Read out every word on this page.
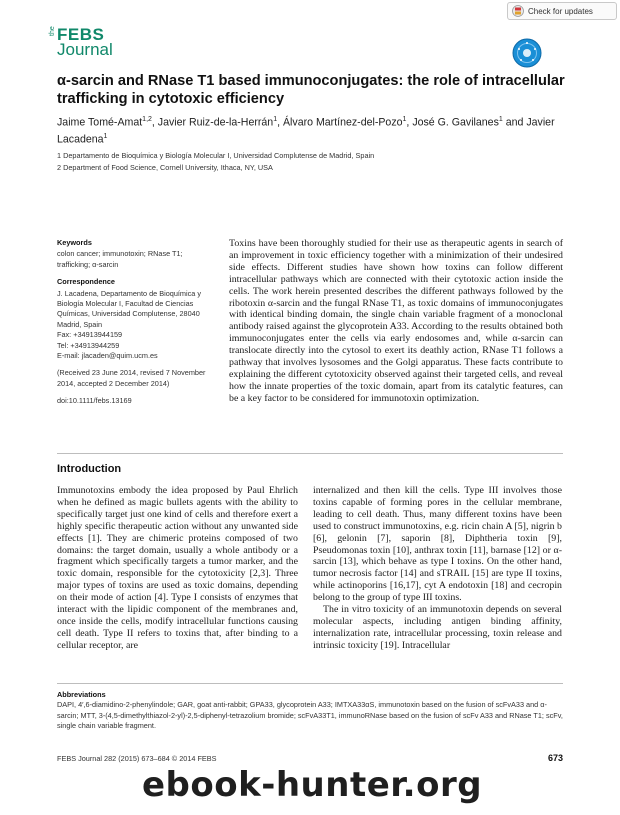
Check for updates
the FEBS
Journal
α-sarcin and RNase T1 based immunoconjugates: the role of intracellular trafficking in cytotoxic efficiency
Jaime Tomé-Amat$^{1,2}$, Javier Ruiz-de-la-Herrán$^1$, Álvaro Martínez-del-Pozo$^1$, José G. Gavilanes$^1$ and Javier Lacadena$^1$
1 Departamento de Bioquímica y Biología Molecular I, Universidad Complutense de Madrid, Spain
2 Department of Food Science, Cornell University, Ithaca, NY, USA
Keywords
colon cancer; immunotoxin; RNase T1; trafficking; α-sarcin
Correspondence
J. Lacadena, Departamento de Bioquímica y
Biología Molecular I, Facultad de Ciencias
Químicas, Universidad Complutense, 28040
Madrid, Spain
Fax: +34913944159
Tel: +34913944259
E-mail: jlacaden@quim.ucm.es
(Received 23 June 2014, revised 7 November 2014, accepted 2 December 2014)
doi:10.1111/febs.13169
Toxins have been thoroughly studied for their use as therapeutic agents in search of an improvement in toxic efficiency together with a minimization of their undesired side effects. Different studies have shown how toxins can follow different intracellular pathways which are connected with their cytotoxic action inside the cells. The work herein presented describes the different pathways followed by the ribotoxin α-sarcin and the fungal RNase T1, as toxic domains of immunoconjugates with identical binding domain, the single chain variable fragment of a monoclonal antibody raised against the glycoprotein A33. According to the results obtained both immunoconjugates enter the cells via early endosomes and, while α-sarcin can translocate directly into the cytosol to exert its deathly action, RNase T1 follows a pathway that involves lysosomes and the Golgi apparatus. These facts contribute to explaining the different cytotoxicity observed against their targeted cells, and reveal how the innate properties of the toxic domain, apart from its catalytic features, can be a key factor to be considered for immunotoxin optimization.
Introduction

Immunotoxins embody the idea proposed by Paul Ehrlich when he defined as magic bullets agents with the ability to specifically target just one kind of cells and therefore exert a highly specific therapeutic action without any unwanted side effects [1]. They are chimeric proteins composed of two domains: the target domain, usually a whole antibody or a fragment which specifically targets a tumor marker, and the toxic domain, responsible for the cytotoxicity [2,3]. Three major types of toxins are used as toxic domains, depending on their mode of action [4]. Type I consists of enzymes that interact with the lipidic component of the membranes and, once inside the cells, modify intracellular functions causing cell death. Type II refers to toxins that, after binding to a cellular receptor, are

internalized and then kill the cells. Type III involves those toxins capable of forming pores in the cellular membrane, leading to cell death. Thus, many different toxins have been used to construct immunotoxins, e.g. ricin chain A [5], nigrin b [6], gelonin [7], saporin [8], Diphtheria toxin [9], Pseudomonas toxin [10], anthrax toxin [11], barnase [12] or α-sarcin [13], which behave as type I toxins. On the other hand, tumor necrosis factor [14] and sTRAIL [15] are type II toxins, while actinoporins [16,17], cyt A endotoxin [18] and cecropin belong to the group of type III toxins.

The in vitro toxicity of an immunotoxin depends on several molecular aspects, including antigen binding affinity, internalization rate, intracellular processing, toxin release and intrinsic toxicity [19]. Intracellular

Abbreviations
DAPI, 4′,6-diamidino-2-phenylindole; GAR, goat anti-rabbit; GPA33, glycoprotein A33; IMTXA33αS, immunotoxin based on the fusion of scFvA33 and α-sarcin; MTT, 3-(4,5-dimethylthiazol-2-yl)-2,5-diphenyl-tetrazolium bromide; scFvA33T1, immunoRNase based on the fusion of scFv A33 and RNase T1; scFv, single chain variable fragment.
FEBS Journal 282 (2015) 673–684 © 2014 FEBS	673
ebook-hunter.org
